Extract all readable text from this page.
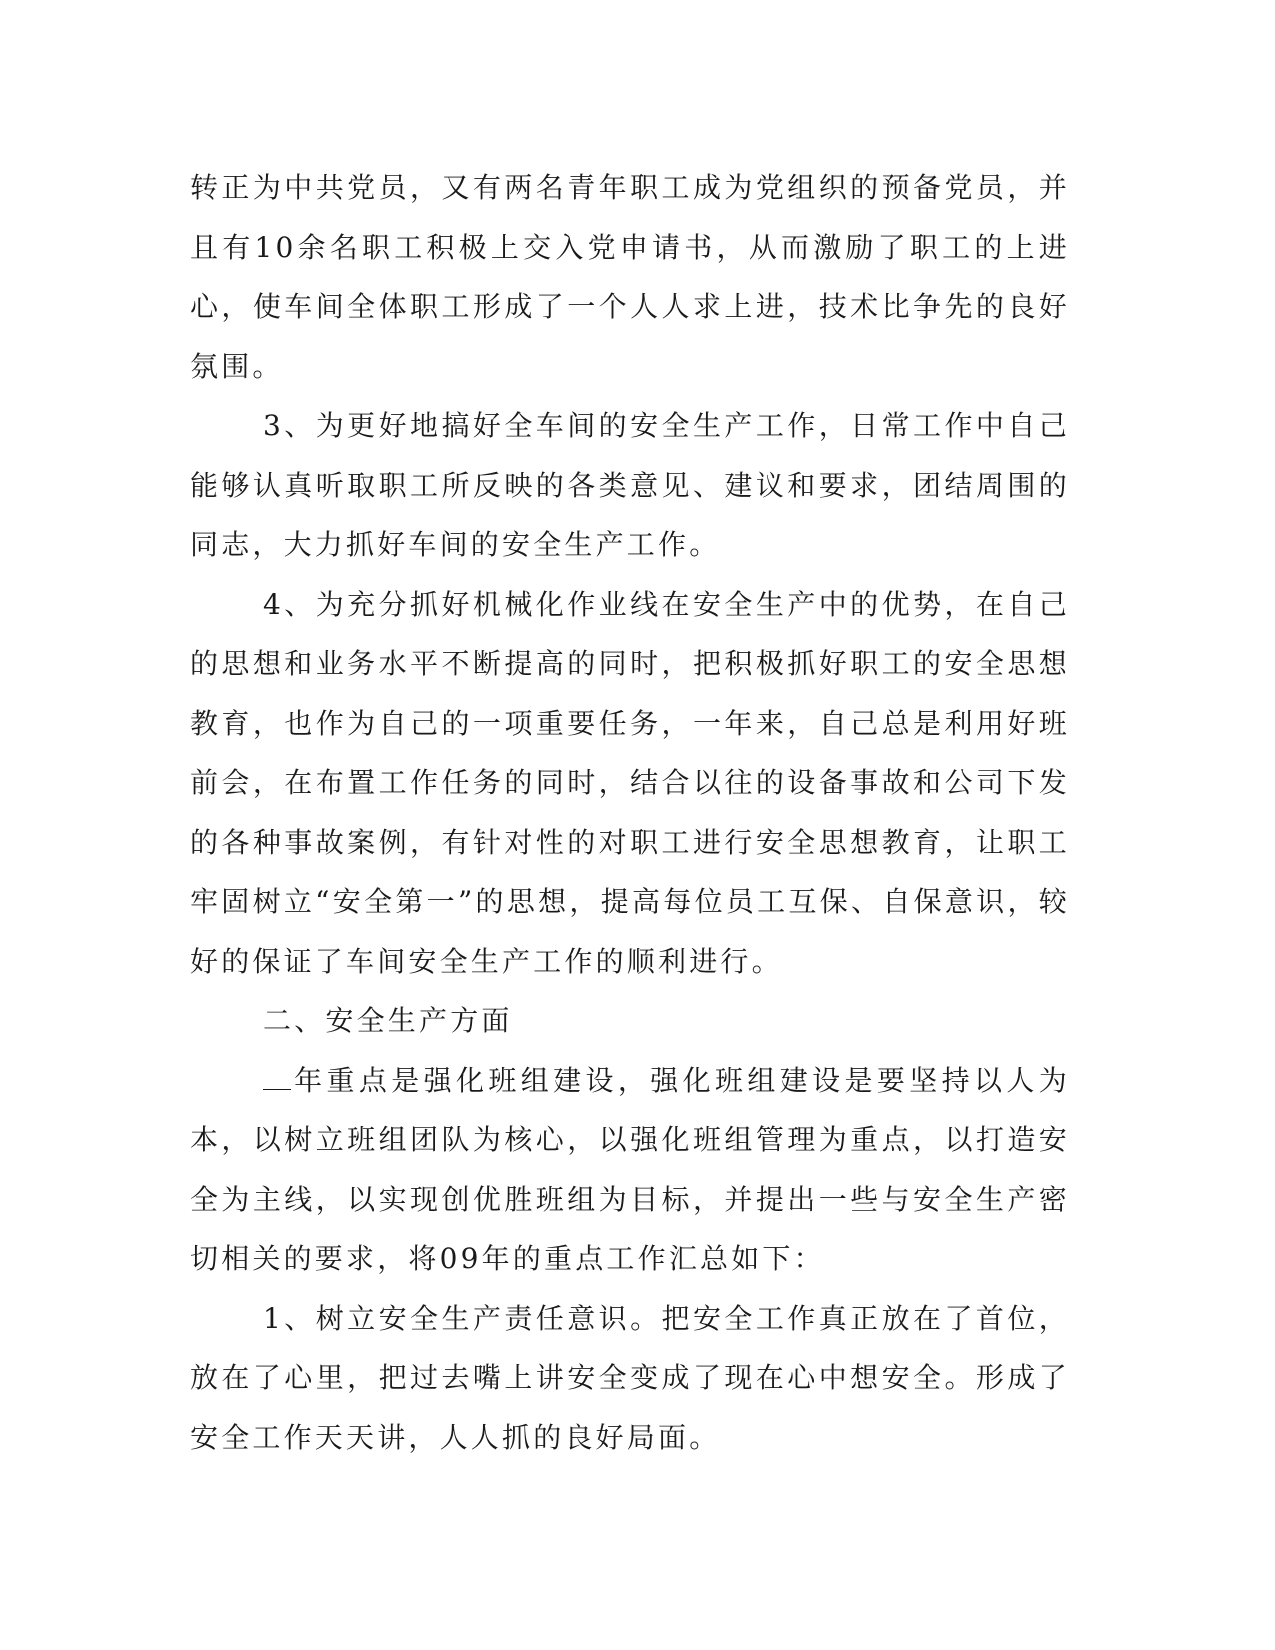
转正为中共党员，又有两名青年职工成为党组织的预备党员，并且有10余名职工积极上交入党申请书，从而激励了职工的上进心，使车间全体职工形成了一个人人求上进，技术比争先的良好氛围。

3、为更好地搞好全车间的安全生产工作，日常工作中自己能够认真听取职工所反映的各类意见、建议和要求，团结周围的同志，大力抓好车间的安全生产工作。

4、为充分抓好机械化作业线在安全生产中的优势，在自己的思想和业务水平不断提高的同时，把积极抓好职工的安全思想教育，也作为自己的一项重要任务，一年来，自己总是利用好班前会，在布置工作任务的同时，结合以往的设备事故和公司下发的各种事故案例，有针对性的对职工进行安全思想教育，让职工牢固树立“安全第一”的思想，提高每位员工互保、自保意识，较好的保证了车间安全生产工作的顺利进行。

二、安全生产方面

年重点是强化班组建设，强化班组建设是要坚持以人为本，以树立班组团队为核心，以强化班组管理为重点，以打造安全为主线，以实现创优胜班组为目标，并提出一些与安全生产密切相关的要求，将09年的重点工作汇总如下：

1、树立安全生产责任意识。把安全工作真正放在了首位，放在了心里，把过去嘴上讲安全变成了现在心中想安全。形成了安全工作天天讲，人人抓的良好局面。
